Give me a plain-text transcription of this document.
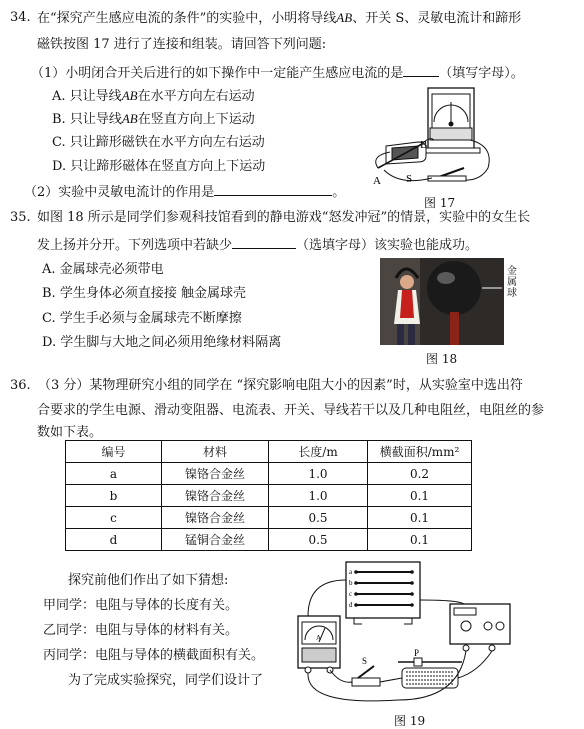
34. 在“探究产生感应电流的条件”的实验中，小明将导线AB、开关 S、灵敏电流计和蹄形
磁铁按图 17 进行了连接和组装。请回答下列问题:
（1）小明闭合开关后进行的如下操作中一定能产生感应电流的是	（填写字母）。
A. 只让导线AB在水平方向左右运动
B. 只让导线AB在竖直方向上下运动
C. 只让蹄形磁铁在水平方向左右运动
D. 只让蹄形磁体在竖直方向上下运动
（2）实验中灵敏电流计的作用是	。
A
B
S
图 17
35. 如图 18 所示是同学们参观科技馆看到的静电游戏“怒发冲冠”的情景，实验中的女生长
发上扬并分开。下列选项中若缺少	（选填字母）该实验也能成功。
A. 金属球壳必须带电
B. 学生身体必须直接接 触金属球壳
C. 学生手必须与金属球壳不断摩擦
D. 学生脚与大地之间必须用绝缘材料隔离
金属球
图 18
36. （3 分）某物理研究小组的同学在 “探究影响电阻大小的因素”时，从实验室中选出符
合要求的学生电源、滑动变阻器、电流表、开关、导线若干以及几种电阻丝，电阻丝的参
数如下表。
编号	材料	长度/m	横截面积/mm²
a	镍铬合金丝	1.0	0.2
b	镍铬合金丝	1.0	0.1
c	镍铬合金丝	0.5	0.1
d	锰铜合金丝	0.5	0.1
探究前他们作出了如下猜想:
甲同学：电阻与导体的长度有关。
乙同学：电阻与导体的材料有关。
丙同学：电阻与导体的横截面积有关。
为了完成实验探究，同学们设计了
a
b
c
d
A
S
P
图 19
